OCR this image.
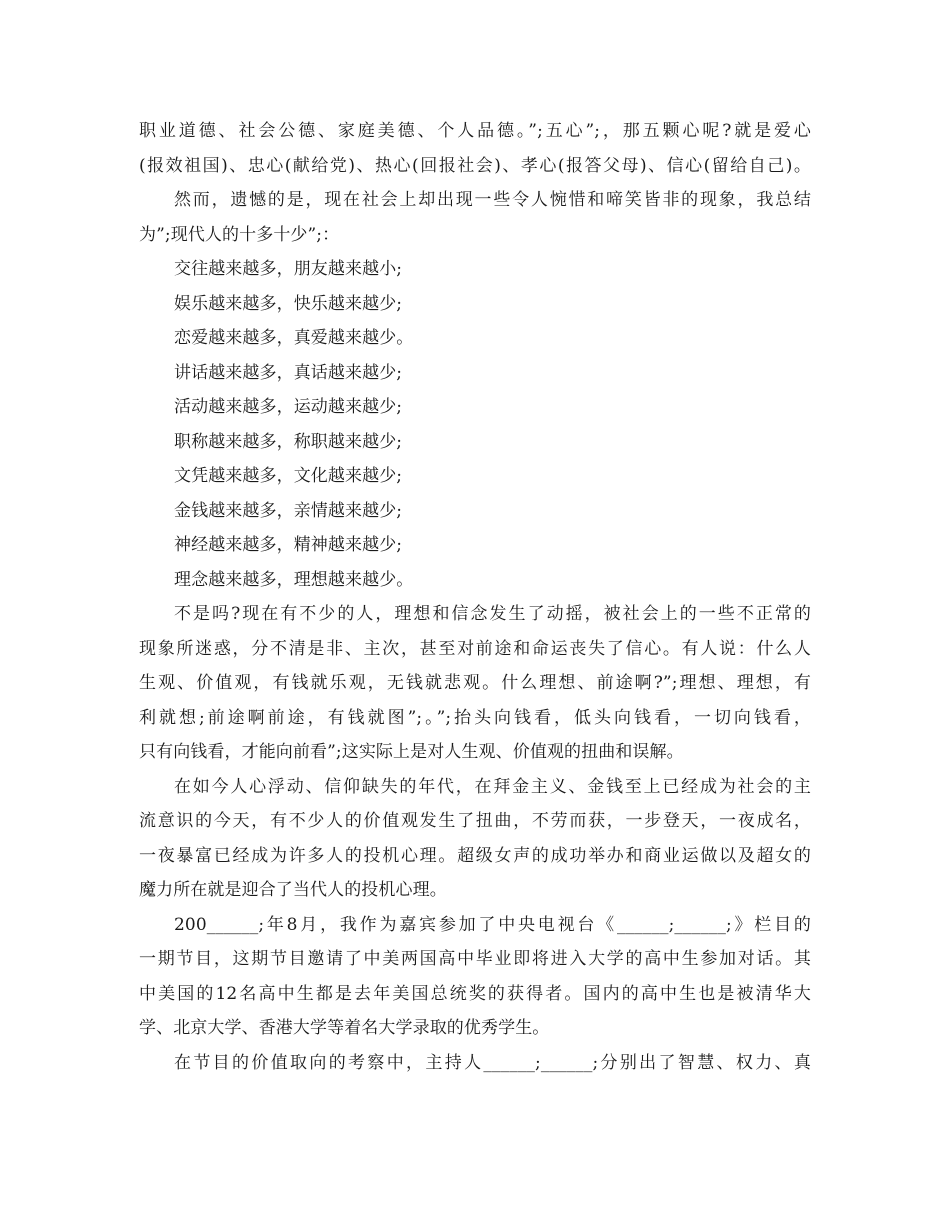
职业道德、社会公德、家庭美德、个人品德。”;五心”;，那五颗心呢?就是爱心
(报效祖国)、忠心(献给党)、热心(回报社会)、孝心(报答父母)、信心(留给自己)。
然而，遗憾的是，现在社会上却出现一些令人惋惜和啼笑皆非的现象，我总结
为”;现代人的十多十少”;：
交往越来越多，朋友越来越小;
娱乐越来越多，快乐越来越少;
恋爱越来越多，真爱越来越少。
讲话越来越多，真话越来越少;
活动越来越多，运动越来越少;
职称越来越多，称职越来越少;
文凭越来越多，文化越来越少;
金钱越来越多，亲情越来越少;
神经越来越多，精神越来越少;
理念越来越多，理想越来越少。
不是吗?现在有不少的人，理想和信念发生了动摇，被社会上的一些不正常的
现象所迷惑，分不清是非、主次，甚至对前途和命运丧失了信心。有人说：什么人
生观、价值观，有钱就乐观，无钱就悲观。什么理想、前途啊?”;理想、理想，有
利就想;前途啊前途，有钱就图”;。”;抬头向钱看，低头向钱看，一切向钱看，
只有向钱看，才能向前看”;这实际上是对人生观、价值观的扭曲和误解。
在如今人心浮动、信仰缺失的年代，在拜金主义、金钱至上已经成为社会的主
流意识的今天，有不少人的价值观发生了扭曲，不劳而获，一步登天，一夜成名，
一夜暴富已经成为许多人的投机心理。超级女声的成功举办和商业运做以及超女的
魔力所在就是迎合了当代人的投机心理。
200______;年8月，我作为嘉宾参加了中央电视台《______;______;》栏目的
一期节目，这期节目邀请了中美两国高中毕业即将进入大学的高中生参加对话。其
中美国的12名高中生都是去年美国总统奖的获得者。国内的高中生也是被清华大
学、北京大学、香港大学等着名大学录取的优秀学生。
在节目的价值取向的考察中，主持人______;______;分别出了智慧、权力、真
